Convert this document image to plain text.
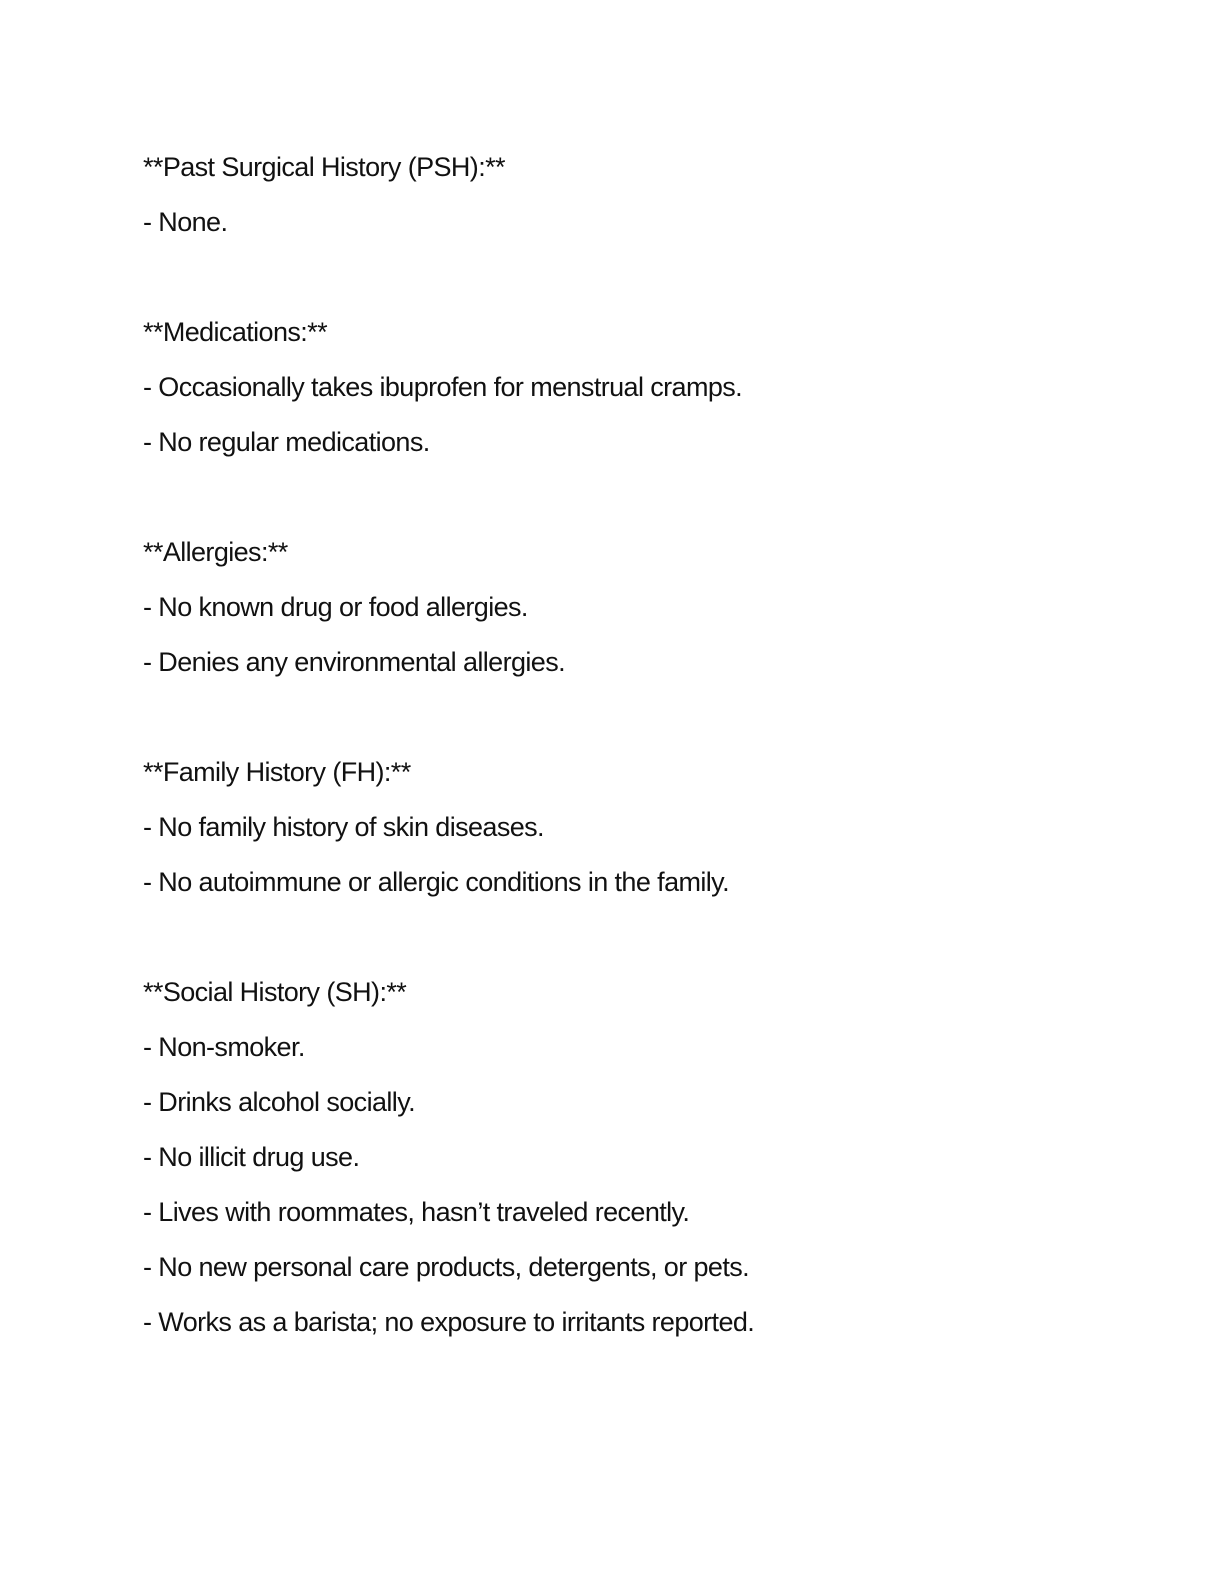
**Past Surgical History (PSH):**
- None.
**Medications:**
- Occasionally takes ibuprofen for menstrual cramps.
- No regular medications.
**Allergies:**
- No known drug or food allergies.
- Denies any environmental allergies.
**Family History (FH):**
- No family history of skin diseases.
- No autoimmune or allergic conditions in the family.
**Social History (SH):**
- Non-smoker.
- Drinks alcohol socially.
- No illicit drug use.
- Lives with roommates, hasn’t traveled recently.
- No new personal care products, detergents, or pets.
- Works as a barista; no exposure to irritants reported.
